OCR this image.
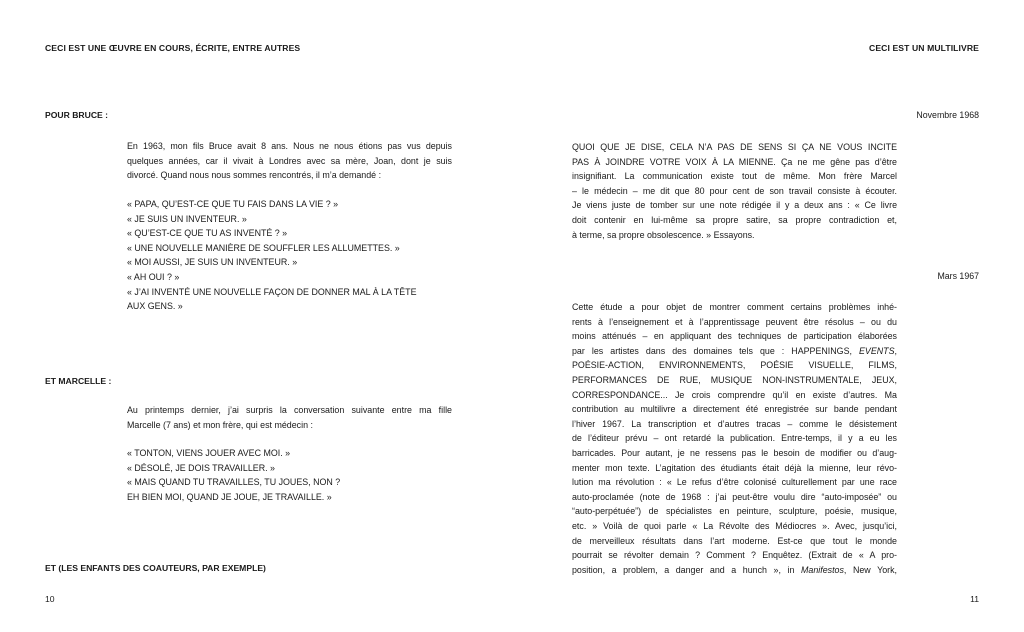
CECI EST UNE ŒUVRE EN COURS, ÉCRITE, ENTRE AUTRES
POUR BRUCE :
En 1963, mon fils Bruce avait 8 ans. Nous ne nous étions pas vus depuis
quelques années, car il vivait à Londres avec sa mère, Joan, dont je suis
divorcé. Quand nous nous sommes rencontrés, il m’a demandé :
« PAPA, QU’EST-CE QUE TU FAIS DANS LA VIE ? »
« JE SUIS UN INVENTEUR. »
« QU’EST-CE QUE TU AS INVENTÉ ? »
« UNE NOUVELLE MANIÈRE DE SOUFFLER LES ALLUMETTES. »
« MOI AUSSI, JE SUIS UN INVENTEUR. »
« AH OUI ? »
« J’AI INVENTÉ UNE NOUVELLE FAÇON DE DONNER MAL À LA TÊTE
AUX GENS. »
ET MARCELLE :
Au printemps dernier, j’ai surpris la conversation suivante entre ma fille
Marcelle (7 ans) et mon frère, qui est médecin :
« TONTON, VIENS JOUER AVEC MOI. »
« DÉSOLÉ, JE DOIS TRAVAILLER. »
« MAIS QUAND TU TRAVAILLES, TU JOUES, NON ?
EH BIEN MOI, QUAND JE JOUE, JE TRAVAILLE. »
ET (LES ENFANTS DES COAUTEURS, PAR EXEMPLE)
10
CECI EST UN MULTILIVRE
Novembre 1968
QUOI QUE JE DISE, CELA N’A PAS DE SENS SI ÇA NE VOUS INCITE
PAS À JOINDRE VOTRE VOIX À LA MIENNE. Ça ne me gêne pas d’être
insignifiant. La communication existe tout de même. Mon frère Marcel
– le médecin – me dit que 80 pour cent de son travail consiste à écouter.
Je viens juste de tomber sur une note rédigée il y a deux ans : « Ce livre
doit contenir en lui-même sa propre satire, sa propre contradiction et,
à terme, sa propre obsolescence. » Essayons.
Mars 1967
Cette étude a pour objet de montrer comment certains problèmes inhé-
rents à l’enseignement et à l’apprentissage peuvent être résolus – ou du
moins atténués – en appliquant des techniques de participation élaborées
par les artistes dans des domaines tels que : HAPPENINGS, EVENTS,
POÉSIE-ACTION, ENVIRONNEMENTS, POÉSIE VISUELLE, FILMS,
PERFORMANCES DE RUE, MUSIQUE NON-INSTRUMENTALE, JEUX,
CORRESPONDANCE... Je crois comprendre qu’il en existe d’autres. Ma
contribution au multilivre a directement été enregistrée sur bande pendant
l’hiver 1967. La transcription et d’autres tracas – comme le désistement
de l’éditeur prévu – ont retardé la publication. Entre-temps, il y a eu les
barricades. Pour autant, je ne ressens pas le besoin de modifier ou d’aug-
menter mon texte. L’agitation des étudiants était déjà la mienne, leur révo-
lution ma révolution : « Le refus d’être colonisé culturellement par une race
auto-proclamée (note de 1968 : j’ai peut-être voulu dire “auto-imposée” ou
“auto-perpétuée”) de spécialistes en peinture, sculpture, poésie, musique,
etc. » Voilà de quoi parle « La Révolte des Médiocres ». Avec, jusqu’ici,
de merveilleux résultats dans l’art moderne. Est-ce que tout le monde
pourrait se révolter demain ? Comment ? Enquêtez. (Extrait de « A pro-
position, a problem, a danger and a hunch », in Manifestos, New York,
11
